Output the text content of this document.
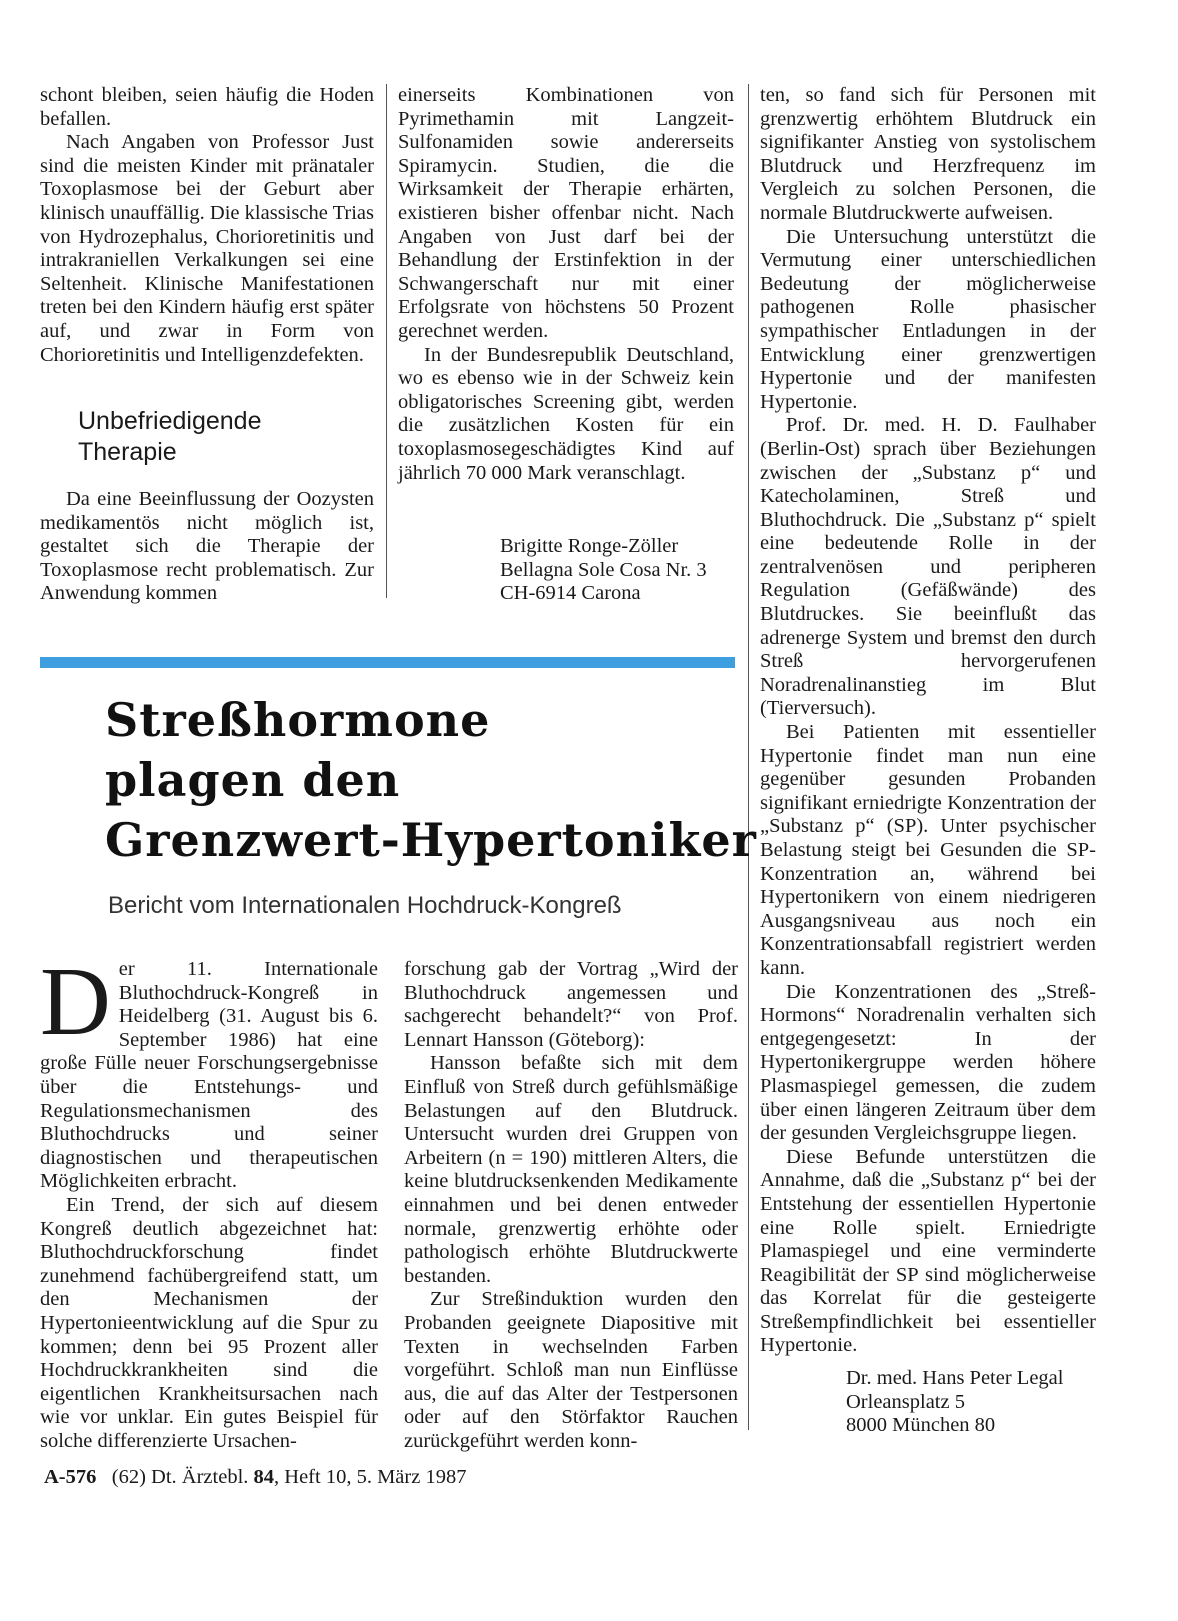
schont bleiben, seien häufig die Hoden befallen.

Nach Angaben von Professor Just sind die meisten Kinder mit pränataler Toxoplasmose bei der Geburt aber klinisch unauffällig. Die klassische Trias von Hydrozephalus, Chorioretinitis und intrakraniellen Verkalkungen sei eine Seltenheit. Klinische Manifestationen treten bei den Kindern häufig erst später auf, und zwar in Form von Chorioretinitis und Intelligenzdefekten.

Unbefriedigende
Therapie

Da eine Beeinflussung der Oozysten medikamentös nicht möglich ist, gestaltet sich die Therapie der Toxoplasmose recht problematisch. Zur Anwendung kommen

einerseits Kombinationen von Pyrimethamin mit Langzeit-Sulfonamiden sowie andererseits Spiramycin. Studien, die die Wirksamkeit der Therapie erhärten, existieren bisher offenbar nicht. Nach Angaben von Just darf bei der Behandlung der Erstinfektion in der Schwangerschaft nur mit einer Erfolgsrate von höchstens 50 Prozent gerechnet werden.

In der Bundesrepublik Deutschland, wo es ebenso wie in der Schweiz kein obligatorisches Screening gibt, werden die zusätzlichen Kosten für ein toxoplasmosegeschädigtes Kind auf jährlich 70 000 Mark veranschlagt.

Brigitte Ronge-Zöller
Bellagna Sole Cosa Nr. 3
CH-6914 Carona

ten, so fand sich für Personen mit grenzwertig erhöhtem Blutdruck ein signifikanter Anstieg von systolischem Blutdruck und Herzfrequenz im Vergleich zu solchen Personen, die normale Blutdruckwerte aufweisen.

Die Untersuchung unterstützt die Vermutung einer unterschiedlichen Bedeutung der möglicherweise pathogenen Rolle phasischer sympathischer Entladungen in der Entwicklung einer grenzwertigen Hypertonie und der manifesten Hypertonie.

Prof. Dr. med. H. D. Faulhaber (Berlin-Ost) sprach über Beziehungen zwischen der „Substanz p“ und Katecholaminen, Streß und Bluthochdruck. Die „Substanz p“ spielt eine bedeutende Rolle in der zentralvenösen und peripheren Regulation (Gefäßwände) des Blutdruckes. Sie beeinflußt das adrenerge System und bremst den durch Streß hervorgerufenen Noradrenalinanstieg im Blut (Tierversuch).

Bei Patienten mit essentieller Hypertonie findet man nun eine gegenüber gesunden Probanden signifikant erniedrigte Konzentration der „Substanz p“ (SP). Unter psychischer Belastung steigt bei Gesunden die SP-Konzentration an, während bei Hypertonikern von einem niedrigeren Ausgangsniveau aus noch ein Konzentrationsabfall registriert werden kann.

Die Konzentrationen des „Streß-Hormons“ Noradrenalin verhalten sich entgegengesetzt: In der Hypertonikergruppe werden höhere Plasmaspiegel gemessen, die zudem über einen längeren Zeitraum über dem der gesunden Vergleichsgruppe liegen.

Diese Befunde unterstützen die Annahme, daß die „Substanz p“ bei der Entstehung der essentiellen Hypertonie eine Rolle spielt. Erniedrigte Plamaspiegel und eine verminderte Reagibilität der SP sind möglicherweise das Korrelat für die gesteigerte Streßempfindlichkeit bei essentieller Hypertonie.

Dr. med. Hans Peter Legal
Orleansplatz 5
8000 München 80
Streßhormone
plagen den
Grenzwert-Hypertoniker
Bericht vom Internationalen Hochdruck-Kongreß

Der 11. Internationale Bluthochdruck-Kongreß in Heidelberg (31. August bis 6. September 1986) hat eine große Fülle neuer Forschungsergebnisse über die Entstehungs- und Regulationsmechanismen des Bluthochdrucks und seiner diagnostischen und therapeutischen Möglichkeiten erbracht.

Ein Trend, der sich auf diesem Kongreß deutlich abgezeichnet hat: Bluthochdruckforschung findet zunehmend fachübergreifend statt, um den Mechanismen der Hypertonieentwicklung auf die Spur zu kommen; denn bei 95 Prozent aller Hochdruckkrankheiten sind die eigentlichen Krankheitsursachen nach wie vor unklar. Ein gutes Beispiel für solche differenzierte Ursachen-

forschung gab der Vortrag „Wird der Bluthochdruck angemessen und sachgerecht behandelt?“ von Prof. Lennart Hansson (Göteborg):

Hansson befaßte sich mit dem Einfluß von Streß durch gefühlsmäßige Belastungen auf den Blutdruck. Untersucht wurden drei Gruppen von Arbeitern (n = 190) mittleren Alters, die keine blutdrucksenkenden Medikamente einnahmen und bei denen entweder normale, grenzwertig erhöhte oder pathologisch erhöhte Blutdruckwerte bestanden.

Zur Streßinduktion wurden den Probanden geeignete Diapositive mit Texten in wechselnden Farben vorgeführt. Schloß man nun Einflüsse aus, die auf das Alter der Testpersonen oder auf den Störfaktor Rauchen zurückgeführt werden konn-

A-576 (62) Dt. Ärztebl. 84, Heft 10, 5. März 1987
